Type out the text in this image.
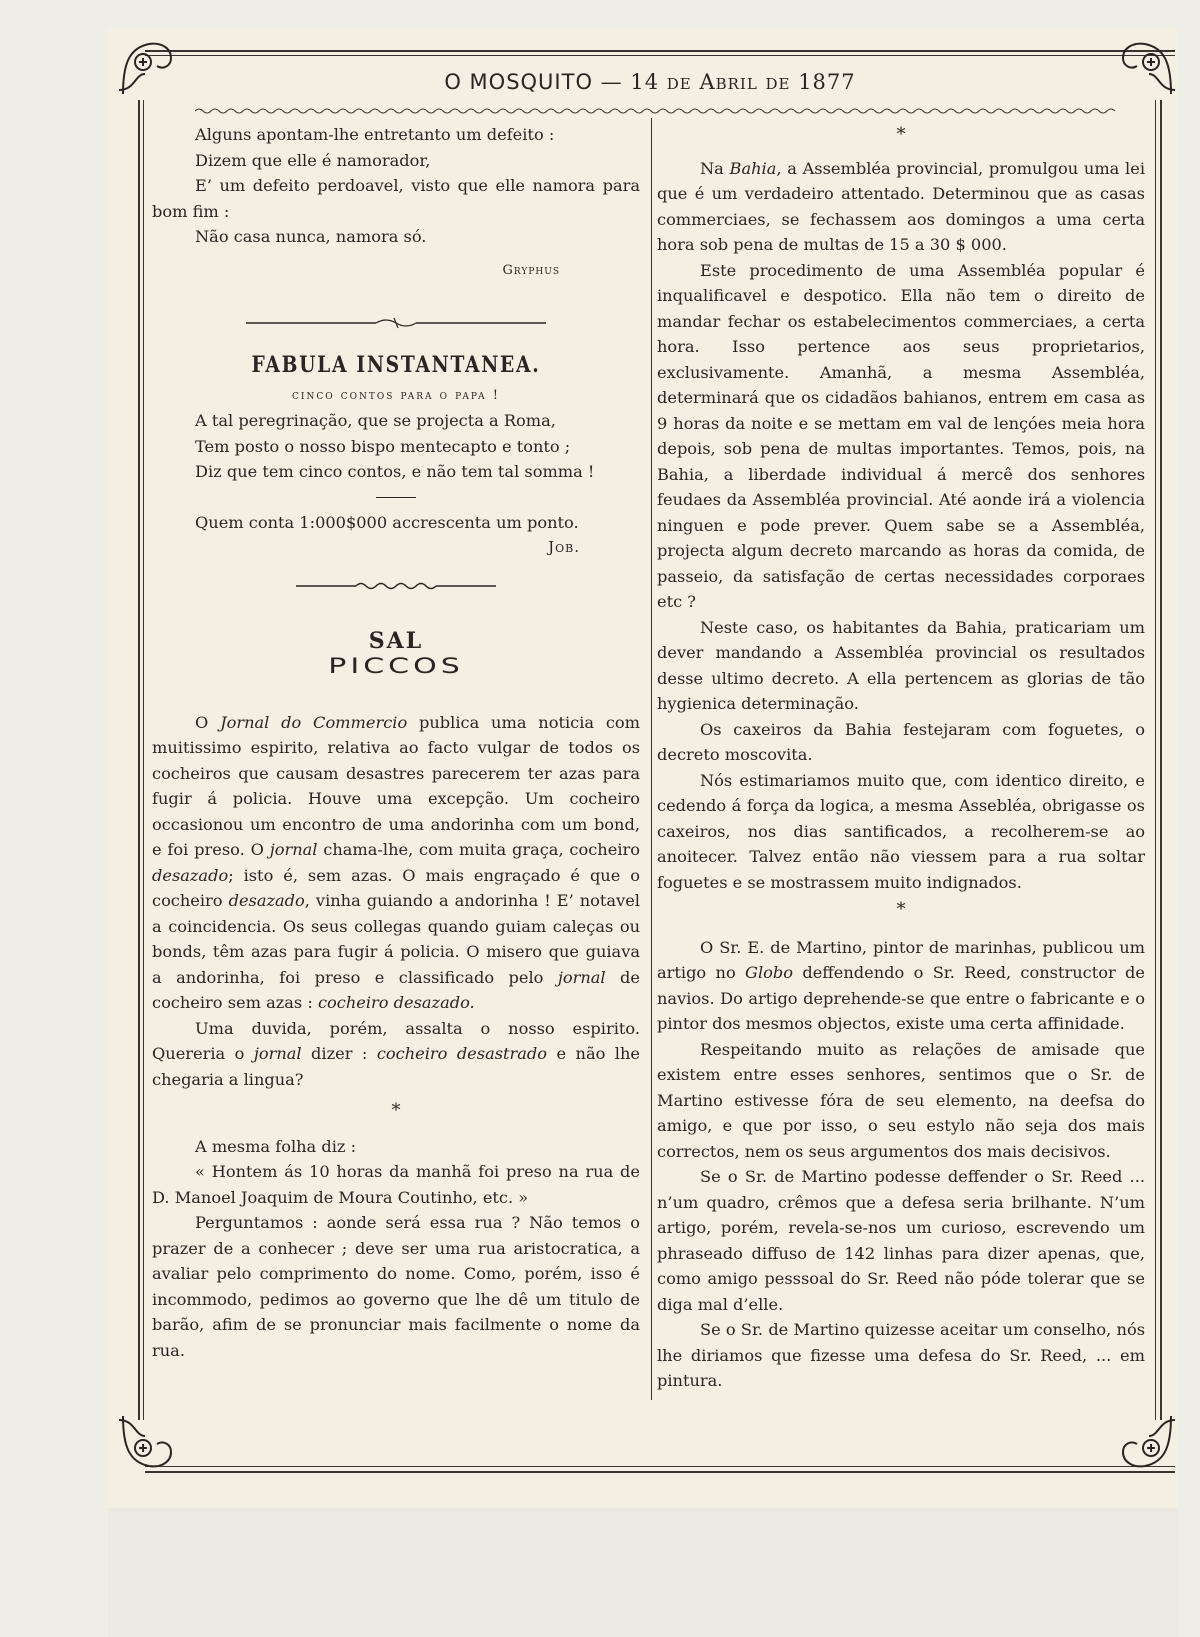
O MOSQUITO — 14 de Abril de 1877

Alguns apontam-lhe entretanto um defeito :

Dizem que elle é namorador,

E’ um defeito perdoavel, visto que elle namora para bom fim :

Não casa nunca, namora só.

Gryphus

FABULA INSTANTANEA.

cinco contos para o papa !

A tal peregrinação, que se projecta a Roma,

Tem posto o nosso bispo mentecapto e tonto ;

Diz que tem cinco contos, e não tem tal somma !

Quem conta 1:000$000 accrescenta um ponto.

Job.

SAL

PICCOS

O Jornal do Commercio publica uma noticia com muitissimo espirito, relativa ao facto vulgar de todos os cocheiros que causam desastres parecerem ter azas para fugir á policia. Houve uma excepção. Um cocheiro occasionou um encontro de uma andorinha com um bond, e foi preso. O jornal chama-lhe, com muita graça, cocheiro desazado; isto é, sem azas. O mais engraçado é que o cocheiro desazado, vinha guiando a andorinha ! E’ notavel a coincidencia. Os seus collegas quando guiam caleças ou bonds, têm azas para fugir á policia. O misero que guiava a andorinha, foi preso e classificado pelo jornal de cocheiro sem azas : cocheiro desazado.

Uma duvida, porém, assalta o nosso espirito. Quereria o jornal dizer : cocheiro desastrado e não lhe chegaria a lingua?

*

A mesma folha diz :

« Hontem ás 10 horas da manhã foi preso na rua de D. Manoel Joaquim de Moura Coutinho, etc. »

Perguntamos : aonde será essa rua ? Não temos o prazer de a conhecer ; deve ser uma rua aristocratica, a avaliar pelo comprimento do nome. Como, porém, isso é incommodo, pedimos ao governo que lhe dê um titulo de barão, afim de se pronunciar mais facilmente o nome da rua.

*

Na Bahia, a Assembléa provincial, promulgou uma lei que é um verdadeiro attentado. Determinou que as casas commerciaes, se fechassem aos domingos a uma certa hora sob pena de multas de 15 a 30 $ 000.

Este procedimento de uma Assembléa popular é inqualificavel e despotico. Ella não tem o direito de mandar fechar os estabelecimentos commerciaes, a certa hora. Isso pertence aos seus proprietarios, exclusivamente. Amanhã, a mesma Assembléa, determinará que os cidadãos bahianos, entrem em casa as 9 horas da noite e se mettam em val de lençóes meia hora depois, sob pena de multas importantes. Temos, pois, na Bahia, a liberdade individual á mercê dos senhores feudaes da Assembléa provincial. Até aonde irá a violencia ninguen e pode prever. Quem sabe se a Assembléa, projecta algum decreto marcando as horas da comida, de passeio, da satisfação de certas necessidades corporaes etc ?

Neste caso, os habitantes da Bahia, praticariam um dever mandando a Assembléa provincial os resultados desse ultimo decreto. A ella pertencem as glorias de tão hygienica determinação.

Os caxeiros da Bahia festejaram com foguetes, o decreto moscovita.

Nós estimariamos muito que, com identico direito, e cedendo á força da logica, a mesma Assebléa, obrigasse os caxeiros, nos dias santificados, a recolherem-se ao anoitecer. Talvez então não viessem para a rua soltar foguetes e se mostrassem muito indignados.

*

O Sr. E. de Martino, pintor de marinhas, publicou um artigo no Globo deffendendo o Sr. Reed, constructor de navios. Do artigo deprehende-se que entre o fabricante e o pintor dos mesmos objectos, existe uma certa affinidade.

Respeitando muito as relações de amisade que existem entre esses senhores, sentimos que o Sr. de Martino estivesse fóra de seu elemento, na deefsa do amigo, e que por isso, o seu estylo não seja dos mais correctos, nem os seus argumentos dos mais decisivos.

Se o Sr. de Martino podesse deffender o Sr. Reed ... n’um quadro, crêmos que a defesa seria brilhante. N’um artigo, porém, revela-se-nos um curioso, escrevendo um phraseado diffuso de 142 linhas para dizer apenas, que, como amigo pesssoal do Sr. Reed não póde tolerar que se diga mal d’elle.

Se o Sr. de Martino quizesse aceitar um conselho, nós lhe diriamos que fizesse uma defesa do Sr. Reed, ... em pintura.
